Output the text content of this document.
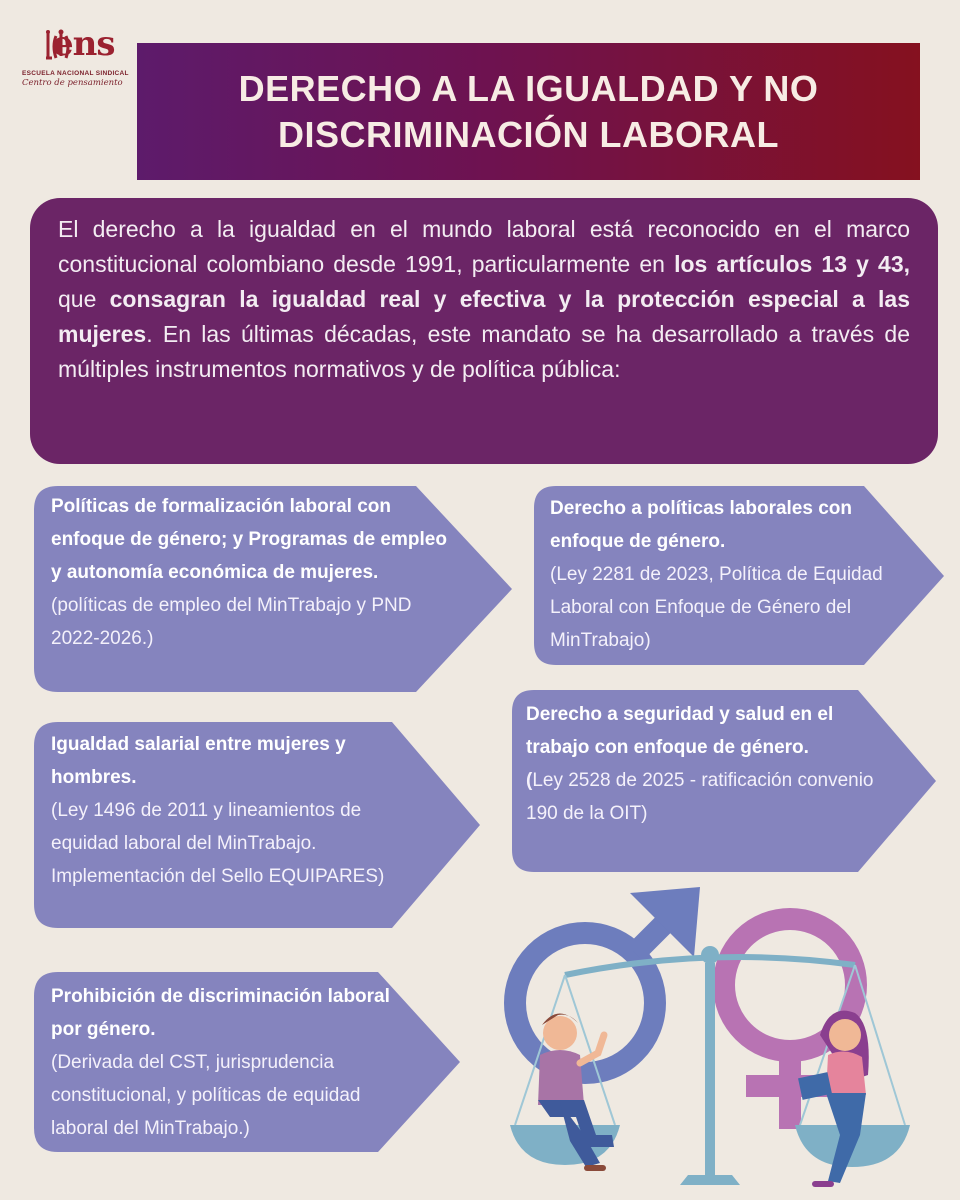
ens
ESCUELA NACIONAL SINDICAL
Centro de pensamiento	DERECHO A LA IGUALDAD Y NO
DISCRIMINACIÓN LABORAL
El derecho a la igualdad en el mundo laboral está reconocido en el marco constitucional colombiano desde 1991, particularmente en los artículos 13 y 43, que consagran la igualdad real y efectiva y la protección especial a las mujeres. En las últimas décadas, este mandato se ha desarrollado a través de múltiples instrumentos normativos y de política pública:
Políticas de formalización laboral con enfoque de género; y Programas de empleo y autonomía económica de mujeres.
(políticas de empleo del MinTrabajo y PND 2022-2026.)
Derecho a políticas laborales con enfoque de género.
(Ley 2281 de 2023, Política de Equidad Laboral con Enfoque de Género del MinTrabajo)
Igualdad salarial entre mujeres y hombres.
(Ley 1496 de 2011 y lineamientos de equidad laboral del MinTrabajo. Implementación del Sello EQUIPARES)
Derecho a seguridad y salud en el trabajo con enfoque de género.
(Ley 2528 de 2025 - ratificación convenio 190 de la OIT)
Prohibición de discriminación laboral por género.
(Derivada del CST, jurisprudencia constitucional, y políticas de equidad laboral del MinTrabajo.)
